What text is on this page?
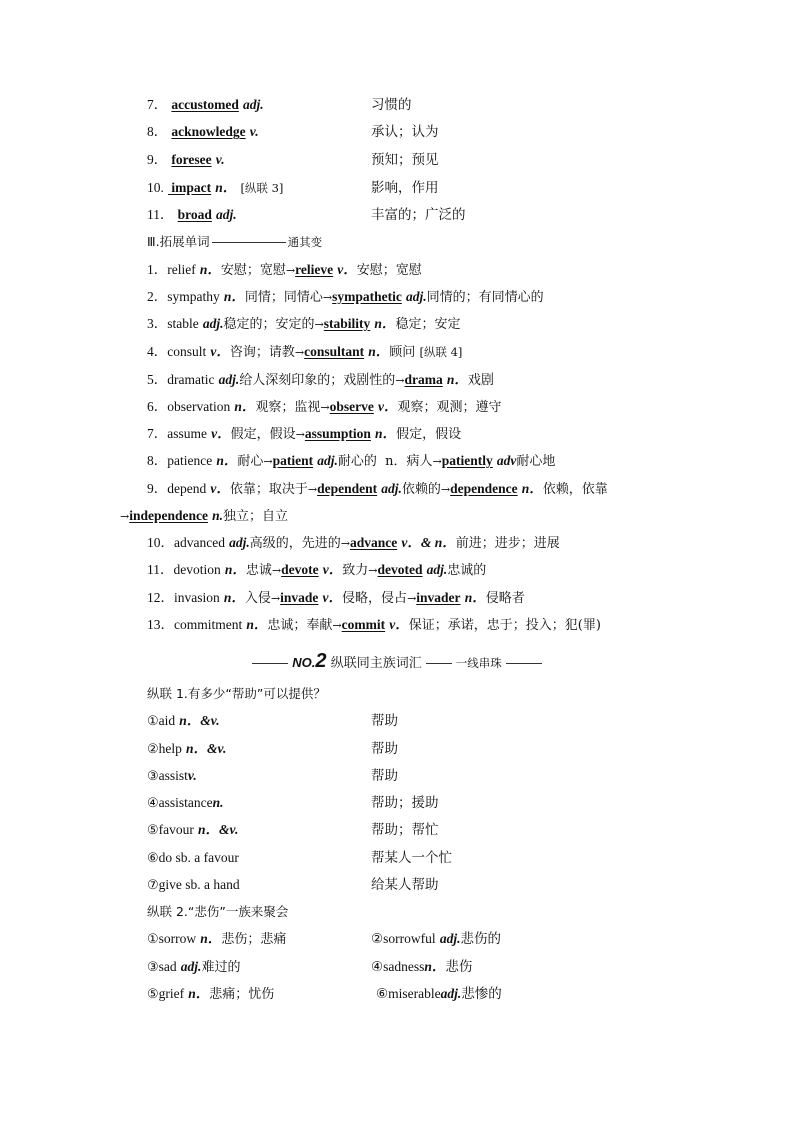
7． accustomed adj.	习惯的
8． acknowledge v.	承认；认为
9． foresee v.	预知；预见
10.  impact n． [纵联 3]	影响，作用
11． broad adj.	丰富的；广泛的
Ⅲ.拓展单词	通其变
1．relief n．安慰；宽慰→relieve v．安慰；宽慰
2．sympathy n．同情；同情心→sympathetic adj.同情的；有同情心的
3．stable adj.稳定的；安定的→stability n．稳定；安定
4．consult v．咨询；请教→consultant n．顾问 [纵联 4]
5．dramatic adj.给人深刻印象的；戏剧性的→drama n．戏剧
6．observation n．观察；监视→observe v．观察；观测；遵守
7．assume v．假定，假设→assumption n．假定，假设
8．patience n．耐心→patient adj.耐心的  n．病人→patiently adv耐心地
9．depend v．依靠；取决于→dependent adj.依赖的→dependence n．依赖，依靠
→independence n.独立；自立
10．advanced adj.高级的，先进的→advance v．& n．前进；进步；进展
11．devotion n．忠诚→devote v．致力→devoted adj.忠诚的
12．invasion n．入侵→invade v．侵略，侵占→invader n．侵略者
13．commitment n．忠诚；奉献→commit v．保证；承诺，忠于；投入；犯(罪)
NO.2 纵联同主族词汇	一线串珠
纵联 1.有多少“帮助”可以提供？
①aid n．&v.	帮助
②help n．&v.	帮助
③assistv.	帮助
④assistancen.	帮助；援助
⑤favour n．&v.	帮助；帮忙
⑥do sb. a favour	帮某人一个忙
⑦give sb. a hand	给某人帮助
纵联 2.“悲伤”一族来聚会
①sorrow n．悲伤；悲痛	②sorrowful adj.悲伤的
③sad adj.难过的	④sadnessn．悲伤
⑤grief n．悲痛；忧伤	⑥miserableadj.悲惨的
